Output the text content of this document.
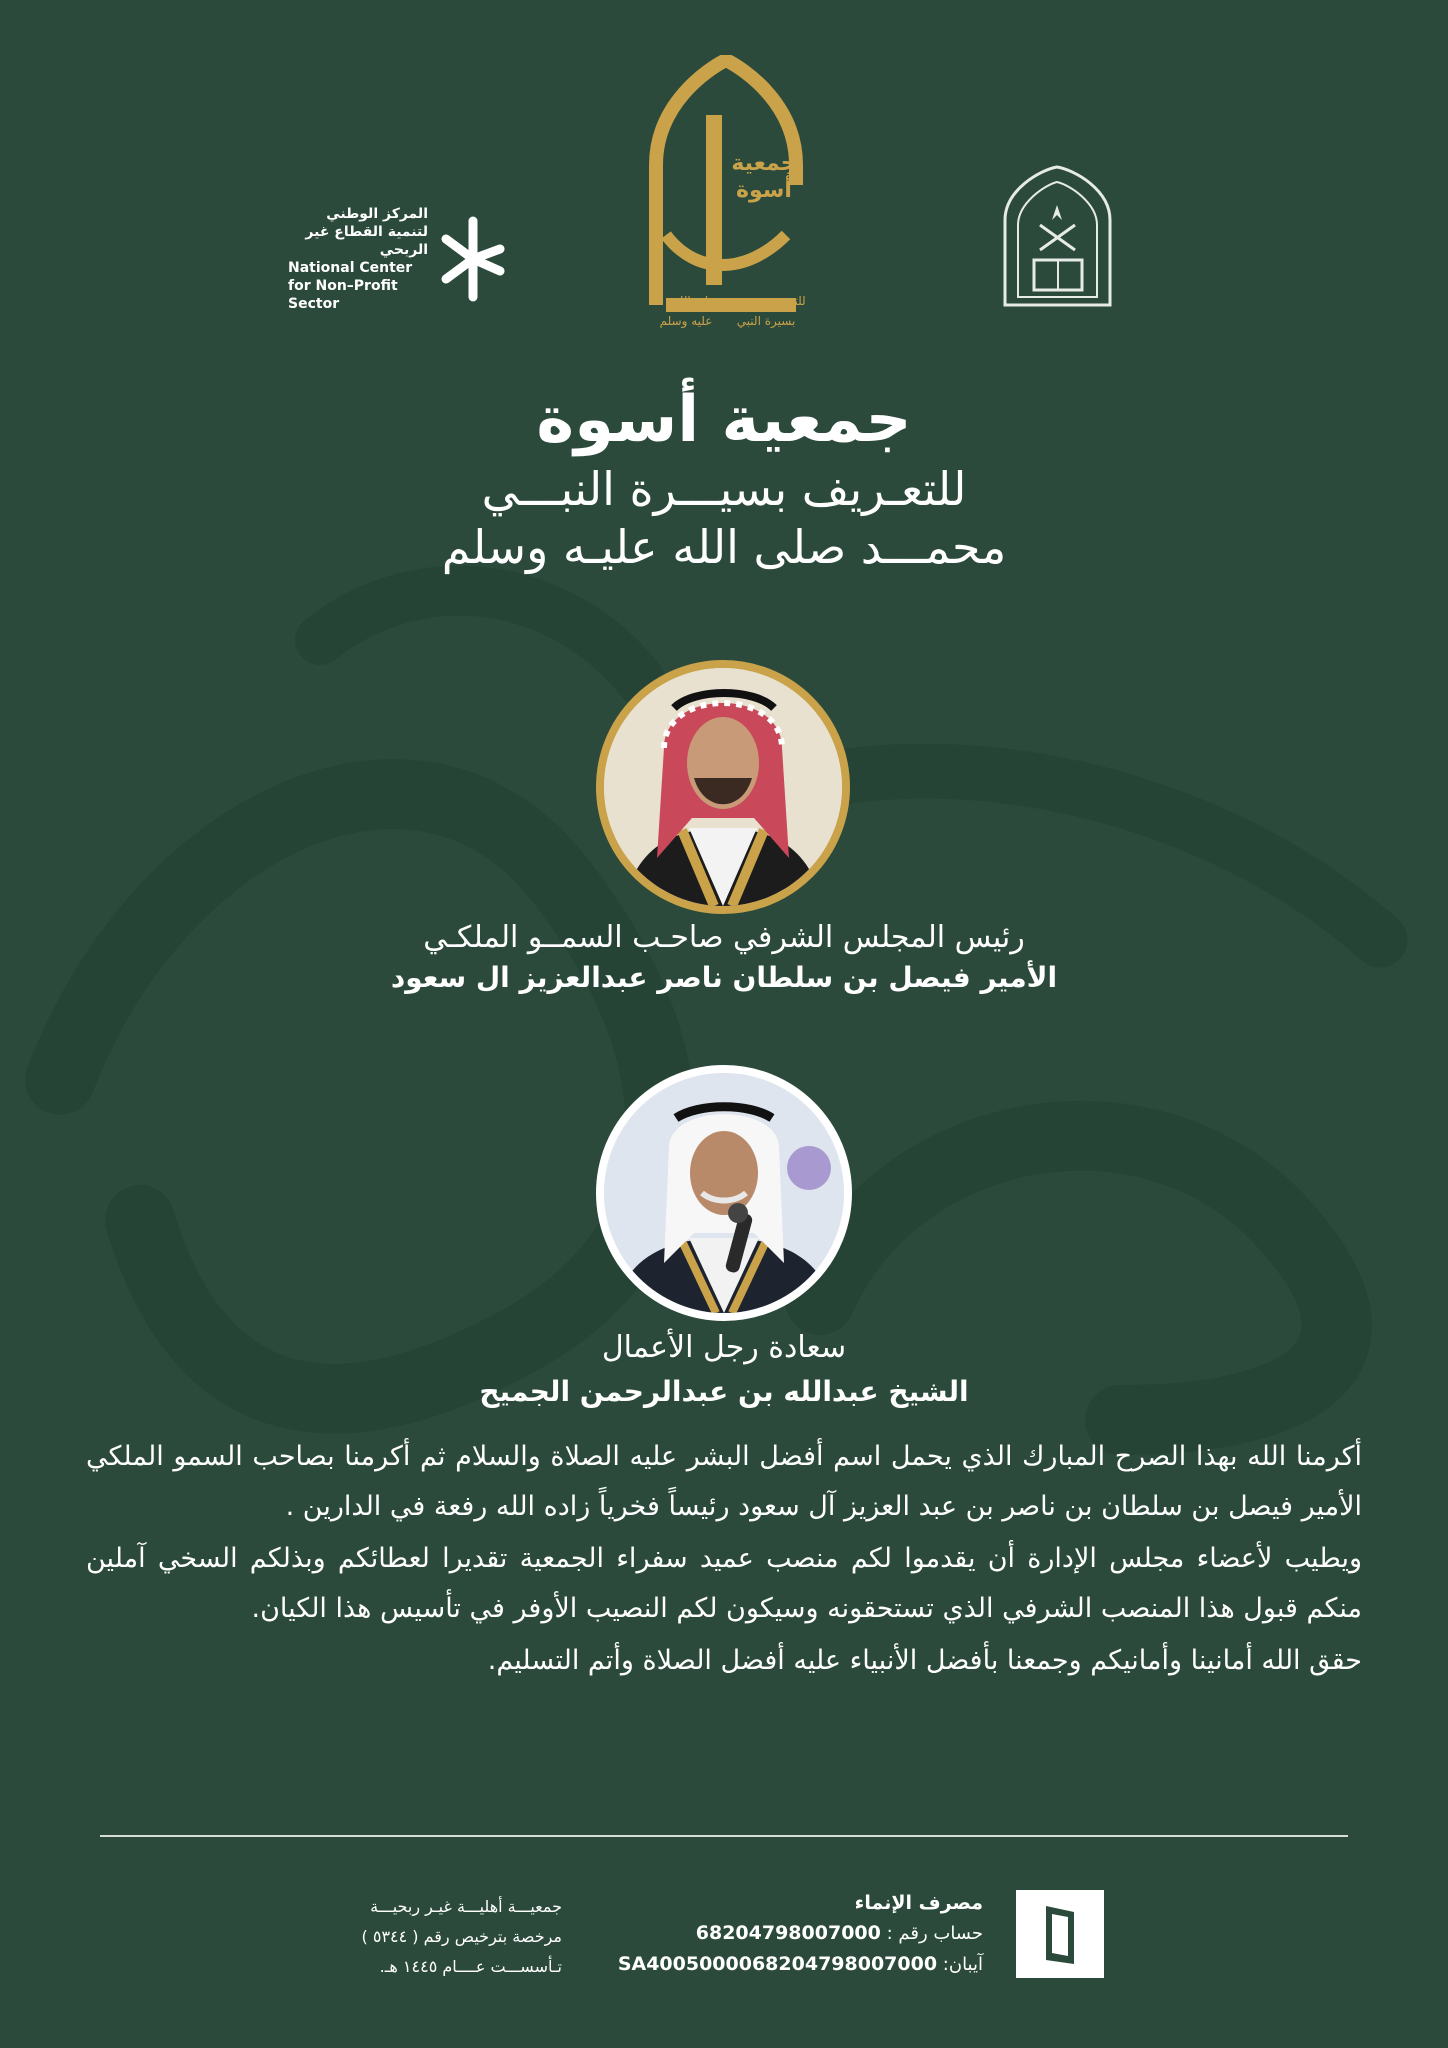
المركز الوطني لتنمية القطاع غير الربحي
National Center for Non–Profit Sector
جمعية
أسوة
للتعريف
بسيرة النبي
صلى الله
عليه وسلم
جمعية أسوة
للتعـريف بسيـــرة النبـــي
محمـــد صلى الله عليـه وسلم
رئيس المجلس الشرفي صاحـب السمــو الملكـي
الأمير فيصل بن سلطان ناصر عبدالعزيز ال سعود
سعادة رجل الأعمال
الشيخ عبدالله بن عبدالرحمن الجميح

أكرمنا الله بهذا الصرح المبارك الذي يحمل اسم أفضل البشر عليه الصلاة والسلام ثم أكرمنا بصاحب السمو الملكي الأمير فيصل بن سلطان بن ناصر بن عبد العزيز آل سعود رئيساً فخرياً زاده الله رفعة في الدارين .

ويطيب لأعضاء مجلس الإدارة أن يقدموا لكم منصب عميد سفراء الجمعية تقديرا لعطائكم وبذلكم السخي آملين منكم قبول هذا المنصب الشرفي الذي تستحقونه وسيكون لكم النصيب الأوفر في تأسيس هذا الكيان.

حقق الله أمانينا وأمانيكم وجمعنا بأفضل الأنبياء عليه أفضل الصلاة وأتم التسليم.

مصرف الإنماء
حساب رقم : 68204798007000
آيبان: SA4005000068204798007000
جمعيـــة أهليـــة غيـر ربحيـــة
مرخصة بترخيص رقم ( ٥٣٤٤ )
تـأسســـت عــــام ١٤٤٥ هـ.
